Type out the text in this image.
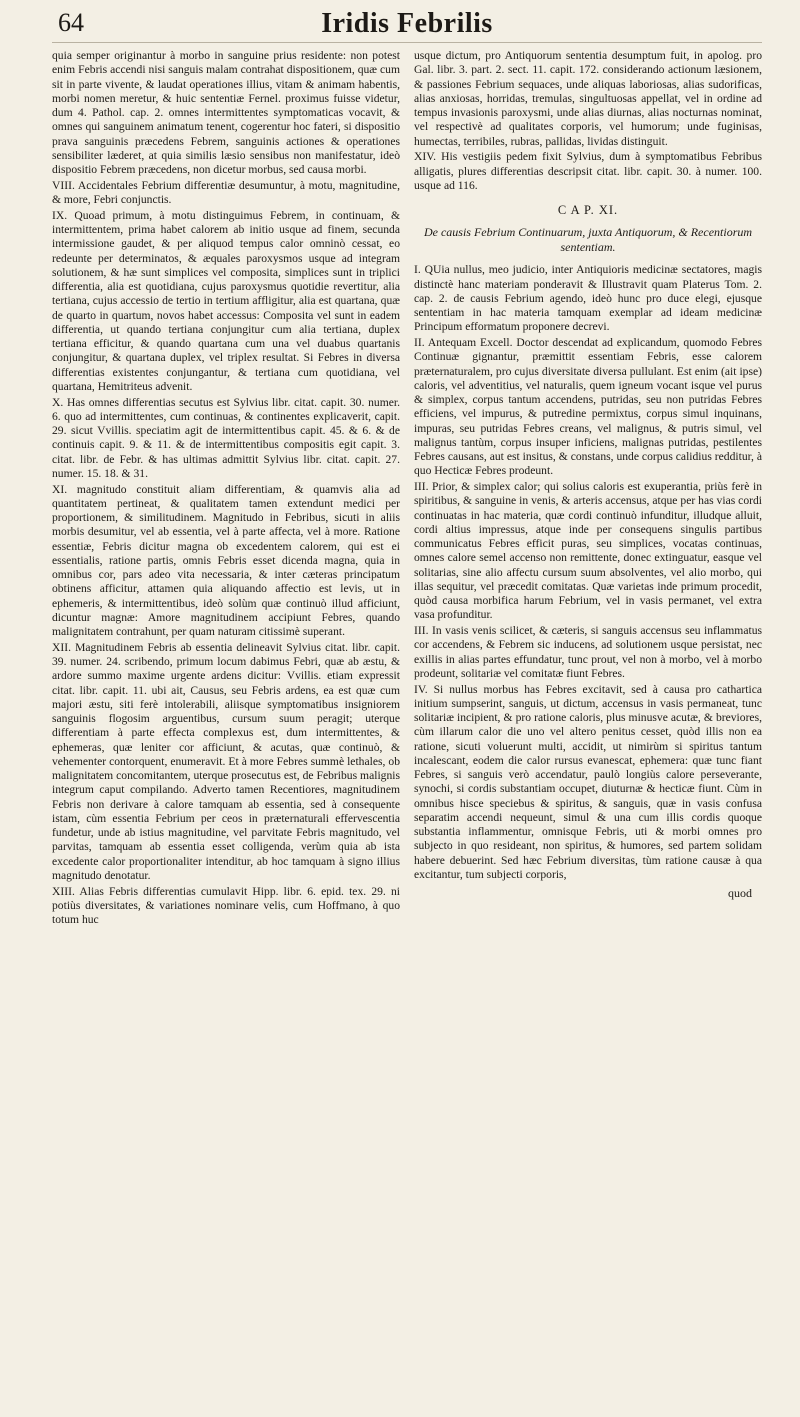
64	Iridis Febrilis

quia semper originantur à morbo in sanguine prius residente: non potest enim Febris accendi nisi sanguis malam contrahat dispositionem, quæ cum sit in parte vivente, & laudat operationes illius, vitam & animam habentis, morbi nomen meretur, & huic sententiæ Fernel. proximus fuisse videtur, dum 4. Pathol. cap. 2. omnes intermittentes symptomaticas vocavit, & omnes qui sanguinem animatum tenent, cogerentur hoc fateri, si dispositio prava sanguinis præcedens Febrem, sanguinis actiones & operationes sensibiliter læderet, at quia similis læsio sensibus non manifestatur, ideò dispositio Febrem præcedens, non dicetur morbus, sed causa morbi.

VIII. Accidentales Febrium differentiæ desumuntur, à motu, magnitudine, & more, Febri conjunctis.

IX. Quoad primum, à motu distinguimus Febrem, in continuam, & intermittentem, prima habet calorem ab initio usque ad finem, secunda intermissione gaudet, & per aliquod tempus calor omninò cessat, eo redeunte per determinatos, & æquales paroxysmos usque ad integram solutionem, & hæ sunt simplices vel composita, simplices sunt in triplici differentia, alia est quotidiana, cujus paroxysmus quotidie revertitur, alia tertiana, cujus accessio de tertio in tertium affligitur, alia est quartana, quæ de quarto in quartum, novos habet accessus: Composita vel sunt in eadem differentia, ut quando tertiana conjungitur cum alia tertiana, duplex tertiana efficitur, & quando quartana cum una vel duabus quartanis conjungitur, & quartana duplex, vel triplex resultat. Si Febres in diversa differentias existentes conjungantur, & tertiana cum quotidiana, vel quartana, Hemitriteus advenit.

X. Has omnes differentias secutus est Sylvius libr. citat. capit. 30. numer. 6. quo ad intermittentes, cum continuas, & continentes explicaverit, capit. 29. sicut Vvillis. speciatim agit de intermittentibus capit. 45. & 6. & de continuis capit. 9. & 11. & de intermittentibus compositis egit capit. 3. citat. libr. de Febr. & has ultimas admittit Sylvius libr. citat. capit. 27. numer. 15. 18. & 31.

XI. magnitudo constituit aliam differentiam, & quamvis alia ad quantitatem pertineat, & qualitatem tamen extendunt medici per proportionem, & similitudinem. Magnitudo in Febribus, sicuti in aliis morbis desumitur, vel ab essentia, vel à parte affecta, vel à more. Ratione essentiæ, Febris dicitur magna ob excedentem calorem, qui est ei essentialis, ratione partis, omnis Febris esset dicenda magna, quia in omnibus cor, pars adeo vita necessaria, & inter cæteras principatum obtinens afficitur, attamen quia aliquando affectio est levis, ut in ephemeris, & intermittentibus, ideò solùm quæ continuò illud afficiunt, dicuntur magnæ: Amore magnitudinem accipiunt Febres, quando malignitatem contrahunt, per quam naturam citissimè superant.

XII. Magnitudinem Febris ab essentia delineavit Sylvius citat. libr. capit. 39. numer. 24. scribendo, primum locum dabimus Febri, quæ ab æstu, & ardore summo maxime urgente ardens dicitur: Vvillis. etiam expressit citat. libr. capit. 11. ubi ait, Causus, seu Febris ardens, ea est quæ cum majori æstu, siti ferè intolerabili, aliisque symptomatibus insigniorem sanguinis flogosim arguentibus, cursum suum peragit; uterque differentiam à parte effecta complexus est, dum intermittentes, & ephemeras, quæ leniter cor afficiunt, & acutas, quæ continuò, & vehementer contorquent, enumeravit. Et à more Febres summè lethales, ob malignitatem concomitantem, uterque prosecutus est, de Febribus malignis integrum caput compilando. Adverto tamen Recentiores, magnitudinem Febris non derivare à calore tamquam ab essentia, sed à consequente istam, cùm essentia Febrium per ceos in præternaturali effervescentia fundetur, unde ab istius magnitudine, vel parvitate Febris magnitudo, vel parvitas, tamquam ab essentia esset colligenda, verùm quia ab ista excedente calor proportionaliter intenditur, ab hoc tamquam à signo illius magnitudo denotatur.

XIII. Alias Febris differentias cumulavit Hipp. libr. 6. epid. tex. 29. ni potiùs diversitates, & variationes nominare velis, cum Hoffmano, à quo totum huc

usque dictum, pro Antiquorum sententia desumptum fuit, in apolog. pro Gal. libr. 3. part. 2. sect. 11. capit. 172. considerando actionum læsionem, & passiones Febrium sequaces, unde aliquas laboriosas, alias sudorificas, alias anxiosas, horridas, tremulas, singultuosas appellat, vel in ordine ad tempus invasionis paroxysmi, unde alias diurnas, alias nocturnas nominat, vel respectivè ad qualitates corporis, vel humorum; unde fuginisas, humectas, terribiles, rubras, pallidas, lividas distinguit.

XIV. His vestigiis pedem fixit Sylvius, dum à symptomatibus Febribus alligatis, plures differentias descripsit citat. libr. capit. 30. à numer. 100. usque ad 116.

C A P. XI.
De causis Febrium Continuarum, juxta Antiquorum, & Recentiorum sententiam.

I. QUia nullus, meo judicio, inter Antiquioris medicinæ sectatores, magis distinctè hanc materiam ponderavit & Illustravit quam Platerus Tom. 2. cap. 2. de causis Febrium agendo, ideò hunc pro duce elegi, ejusque sententiam in hac materia tamquam exemplar ad ideam medicinæ Principum efformatum proponere decrevi.

II. Antequam Excell. Doctor descendat ad explicandum, quomodo Febres Continuæ gignantur, præmittit essentiam Febris, esse calorem præternaturalem, pro cujus diversitate diversa pullulant. Est enim (ait ipse) caloris, vel adventitius, vel naturalis, quem igneum vocant isque vel purus & simplex, corpus tantum accendens, putridas, seu non putridas Febres efficiens, vel impurus, & putredine permixtus, corpus simul inquinans, impuras, seu putridas Febres creans, vel malignus, & putris simul, vel malignus tantùm, corpus insuper inficiens, malignas putridas, pestilentes Febres causans, aut est insitus, & constans, unde corpus calidius redditur, à quo Hecticæ Febres prodeunt.

III. Prior, & simplex calor; qui solius caloris est exuperantia, priùs ferè in spiritibus, & sanguine in venis, & arteris accensus, atque per has vias cordi continuatas in hac materia, quæ cordi continuò infunditur, illudque alluit, cordi altius impressus, atque inde per consequens singulis partibus communicatus Febres efficit puras, seu simplices, vocatas continuas, omnes calore semel accenso non remittente, donec extinguatur, easque vel solitarias, sine alio affectu cursum suum absolventes, vel alio morbo, qui illas sequitur, vel præcedit comitatas. Quæ varietas inde primum procedit, quòd causa morbifica harum Febrium, vel in vasis permanet, vel extra vasa profunditur.

III. In vasis venis scilicet, & cæteris, si sanguis accensus seu inflammatus cor accendens, & Febrem sic inducens, ad solutionem usque persistat, nec exillis in alias partes effundatur, tunc prout, vel non à morbo, vel à morbo prodeunt, solitariæ vel comitatæ fiunt Febres.

IV. Si nullus morbus has Febres excitavit, sed à causa pro cathartica initium sumpserint, sanguis, ut dictum, accensus in vasis permaneat, tunc solitariæ incipient, & pro ratione caloris, plus minusve acutæ, & breviores, cùm illarum calor die uno vel altero penitus cesset, quòd illis non ea ratione, sicuti voluerunt multi, accidit, ut nimirùm si spiritus tantum incalescant, eodem die calor rursus evanescat, ephemera: quæ tunc fiant Febres, si sanguis verò accendatur, paulò longiùs calore perseverante, synochi, si cordis substantiam occupet, diuturnæ & hecticæ fiunt. Cùm in omnibus hisce speciebus & spiritus, & sanguis, quæ in vasis confusa separatim accendi nequeunt, simul & una cum illis cordis quoque substantia inflammentur, omnisque Febris, uti & morbi omnes pro subjecto in quo resideant, non spiritus, & humores, sed partem solidam habere debuerint. Sed hæc Febrium diversitas, tùm ratione causæ à qua excitantur, tum subjecti corporis,

quod
